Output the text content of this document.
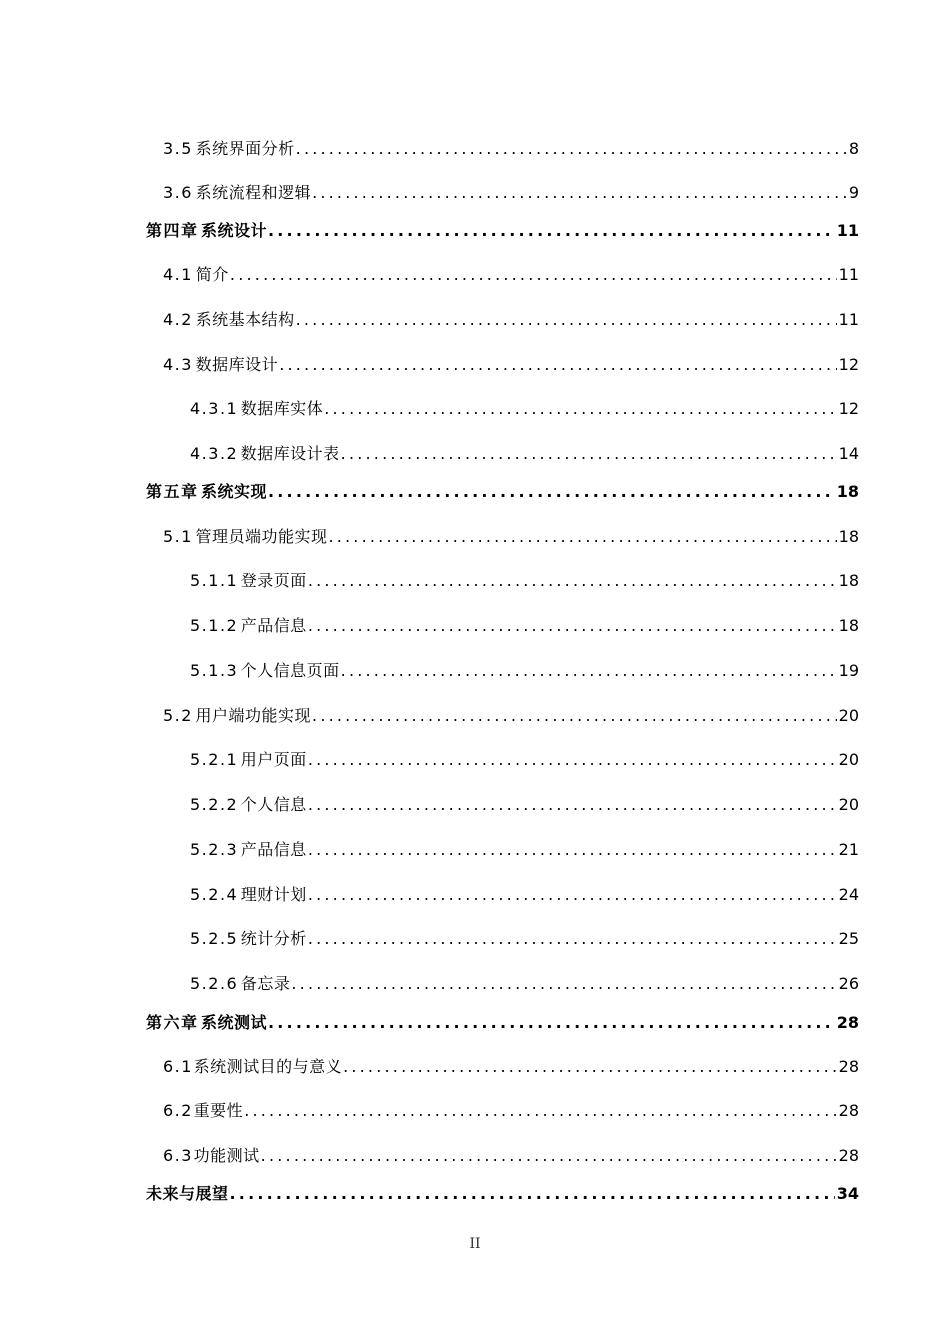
3.5 系统界面分析 .....	8
3.6 系统流程和逻辑 .....	9
第四章 系统设计 .....	11
4.1 简介 .....	11
4.2 系统基本结构 .....	11
4.3 数据库设计 .....	12
4.3.1 数据库实体 .....	12
4.3.2 数据库设计表 .....	14
第五章 系统实现 .....	18
5.1 管理员端功能实现 .....	18
5.1.1 登录页面 .....	18
5.1.2 产品信息 .....	18
5.1.3 个人信息页面 .....	19
5.2 用户端功能实现 .....	20
5.2.1 用户页面 .....	20
5.2.2 个人信息 .....	20
5.2.3 产品信息 .....	21
5.2.4 理财计划 .....	24
5.2.5 统计分析 .....	25
5.2.6 备忘录 .....	26
第六章 系统测试 .....	28
6.1 系统测试目的与意义 .....	28
6.2 重要性 .....	28
6.3 功能测试 .....	28
未来与展望 .....	34
II
